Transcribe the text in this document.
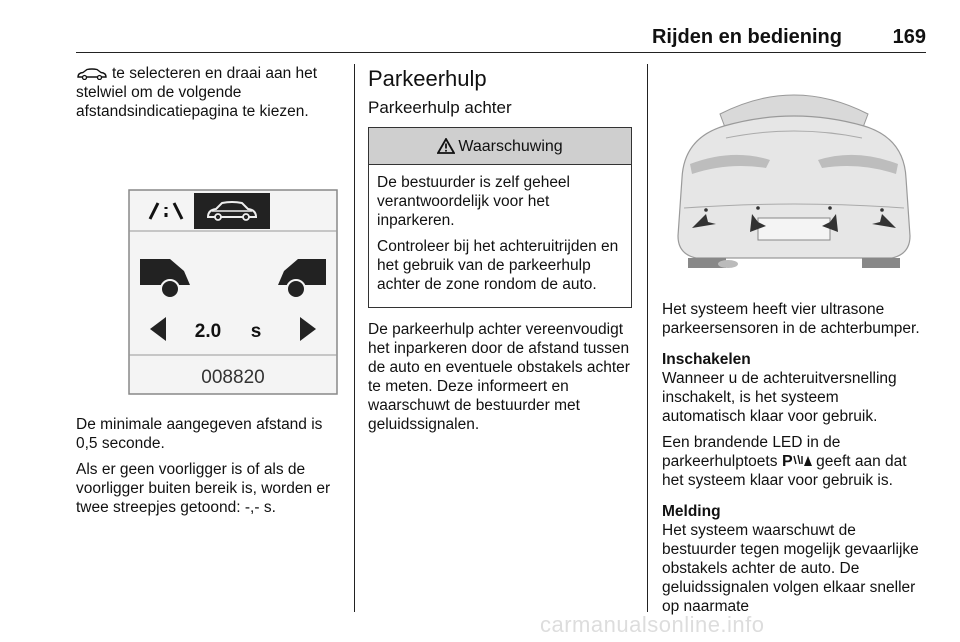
Rijden en bediening	169

te selecteren en draai aan het stelwiel om de volgende afstandsindicatiepagina te kiezen.

2.0 s
008820

De minimale aangegeven afstand is 0,5 seconde.

Als er geen voorligger is of als de voorligger buiten bereik is, worden er twee streepjes getoond: -,- s.

Parkeerhulp
Parkeerhulp achter
Waarschuwing

De bestuurder is zelf geheel verantwoordelijk voor het inparkeren.

Controleer bij het achteruitrijden en het gebruik van de parkeerhulp achter de zone rondom de auto.

De parkeerhulp achter vereenvoudigt het inparkeren door de afstand tussen de auto en eventuele obstakels achter te meten. Deze informeert en waarschuwt de bestuurder met geluidssignalen.

Het systeem heeft vier ultrasone parkeersensoren in de achterbumper.

Inschakelen

Wanneer u de achteruitversnelling inschakelt, is het systeem automatisch klaar voor gebruik.

Een brandende LED in de parkeerhulptoets P geeft aan dat het systeem klaar voor gebruik is.

Melding

Het systeem waarschuwt de bestuurder tegen mogelijk gevaarlijke obstakels achter de auto. De geluidssignalen volgen elkaar sneller op naarmate

carmanualsonline.info
